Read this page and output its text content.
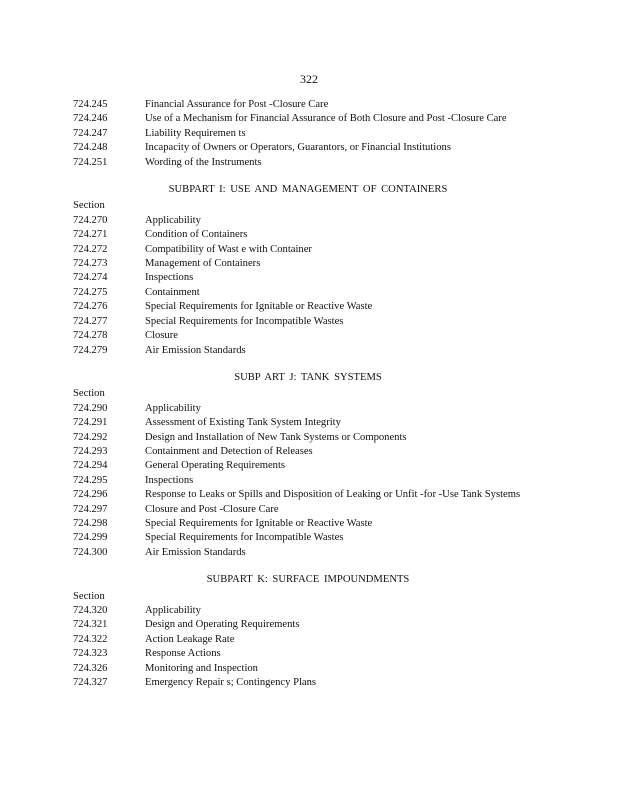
322
724.245	Financial Assurance for Post -Closure Care
724.246	Use of a Mechanism for Financial Assurance of Both Closure and Post -Closure Care
724.247	Liability Requiremen ts
724.248	Incapacity of Owners or Operators, Guarantors, or Financial Institutions
724.251	Wording of the Instruments
SUBPART I: USE AND MANAGEMENT OF CONTAINERS
Section
724.270	Applicability
724.271	Condition of Containers
724.272	Compatibility of Wast e with Container
724.273	Management of Containers
724.274	Inspections
724.275	Containment
724.276	Special Requirements for Ignitable or Reactive Waste
724.277	Special Requirements for Incompatible Wastes
724.278	Closure
724.279	Air Emission Standards
SUBP ART J: TANK SYSTEMS
Section
724.290	Applicability
724.291	Assessment of Existing Tank System Integrity
724.292	Design and Installation of New Tank Systems or Components
724.293	Containment and Detection of Releases
724.294	General Operating Requirements
724.295	Inspections
724.296	Response to Leaks or Spills and Disposition of Leaking or Unfit -for -Use Tank Systems
724.297	Closure and Post -Closure Care
724.298	Special Requirements for Ignitable or Reactive Waste
724.299	Special Requirements for Incompatible Wastes
724.300	Air Emission Standards
SUBPART K: SURFACE IMPOUNDMENTS
Section
724.320	Applicability
724.321	Design and Operating Requirements
724.322	Action Leakage Rate
724.323	Response Actions
724.326	Monitoring and Inspection
724.327	Emergency Repair s; Contingency Plans
